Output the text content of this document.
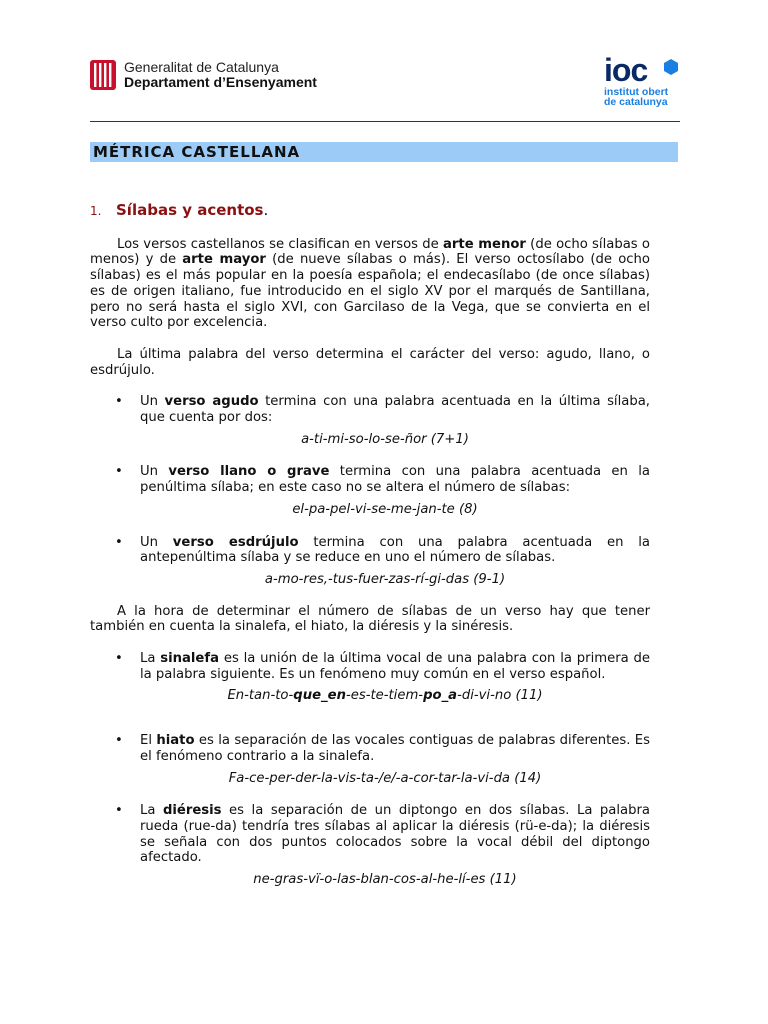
Generalitat de Catalunya
Departament d’Ensenyament	ioc
institut obert
de catalunya
MÉTRICA CASTELLANA
1. Sílabas y acentos.

Los versos castellanos se clasifican en versos de arte menor (de ocho sílabas o menos) y de arte mayor (de nueve sílabas o más). El verso octosílabo (de ocho sílabas) es el más popular en la poesía española; el endecasílabo (de once sílabas) es de origen italiano, fue introducido en el siglo XV por el marqués de Santillana, pero no será hasta el siglo XVI, con Garcilaso de la Vega, que se convierta en el verso culto por excelencia.

La última palabra del verso determina el carácter del verso: agudo, llano, o esdrújulo.

• Un verso agudo termina con una palabra acentuada en la última sílaba, que cuenta por dos:
a-ti-mi-so-lo-se-ñor (7+1)
• Un verso llano o grave termina con una palabra acentuada en la penúltima sílaba; en este caso no se altera el número de sílabas:
el-pa-pel-vi-se-me-jan-te (8)
• Un verso esdrújulo termina con una palabra acentuada en la antepenúltima sílaba y se reduce en uno el número de sílabas.
a-mo-res,-tus-fuer-zas-rí-gi-das (9-1)

A la hora de determinar el número de sílabas de un verso hay que tener también en cuenta la sinalefa, el hiato, la diéresis y la sinéresis.

• La sinalefa es la unión de la última vocal de una palabra con la primera de la palabra siguiente. Es un fenómeno muy común en el verso español.
En-tan-to-que_en-es-te-tiem-po_a-di-vi-no (11)
• El hiato es la separación de las vocales contiguas de palabras diferentes. Es el fenómeno contrario a la sinalefa.
Fa-ce-per-der-la-vis-ta-/e/-a-cor-tar-la-vi-da (14)
• La diéresis es la separación de un diptongo en dos sílabas. La palabra rueda (rue-da) tendría tres sílabas al aplicar la diéresis (rü-e-da); la diéresis se señala con dos puntos colocados sobre la vocal débil del diptongo afectado.
ne-gras-vï-o-las-blan-cos-al-he-lí-es (11)
